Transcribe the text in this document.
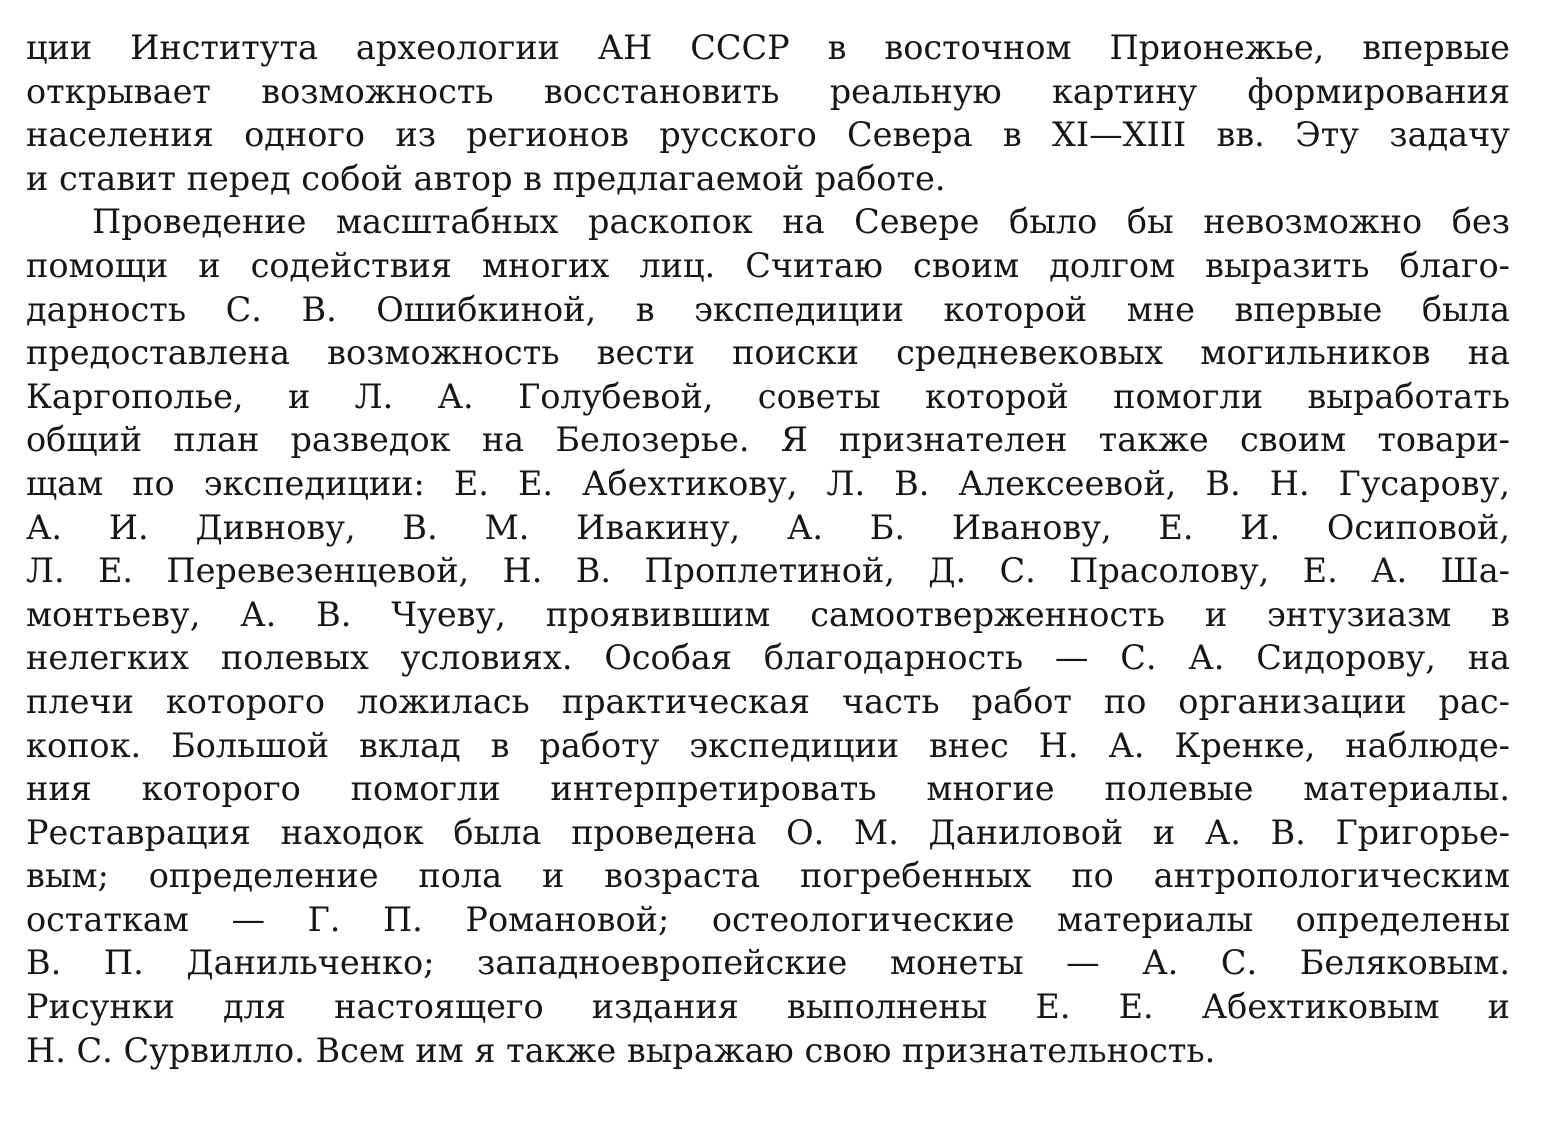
ции Института археологии АН СССР в восточном Прионежье, впервые
открывает возможность восстановить реальную картину формирования
населения одного из регионов русского Севера в XI—XIII вв. Эту задачу
и ставит перед собой автор в предлагаемой работе.
Проведение масштабных раскопок на Севере было бы невозможно без
помощи и содействия многих лиц. Считаю своим долгом выразить благо-
дарность С. В. Ошибкиной, в экспедиции которой мне впервые была
предоставлена возможность вести поиски средневековых могильников на
Каргополье, и Л. А. Голубевой, советы которой помогли выработать
общий план разведок на Белозерье. Я признателен также своим товари-
щам по экспедиции: Е. Е. Абехтикову, Л. В. Алексеевой, В. Н. Гусарову,
А. И. Дивнову, В. М. Ивакину, А. Б. Иванову, Е. И. Осиповой,
Л. Е. Перевезенцевой, Н. В. Проплетиной, Д. С. Прасолову, Е. А. Ша-
монтьеву, А. В. Чуеву, проявившим самоотверженность и энтузиазм в
нелегких полевых условиях. Особая благодарность — С. А. Сидорову, на
плечи которого ложилась практическая часть работ по организации рас-
копок. Большой вклад в работу экспедиции внес Н. А. Кренке, наблюде-
ния которого помогли интерпретировать многие полевые материалы.
Реставрация находок была проведена О. М. Даниловой и А. В. Григорье-
вым; определение пола и возраста погребенных по антропологическим
остаткам — Г. П. Романовой; остеологические материалы определены
В. П. Данильченко; западноевропейские монеты — А. С. Беляковым.
Рисунки для настоящего издания выполнены Е. Е. Абехтиковым и
Н. С. Сурвилло. Всем им я также выражаю свою признательность.
